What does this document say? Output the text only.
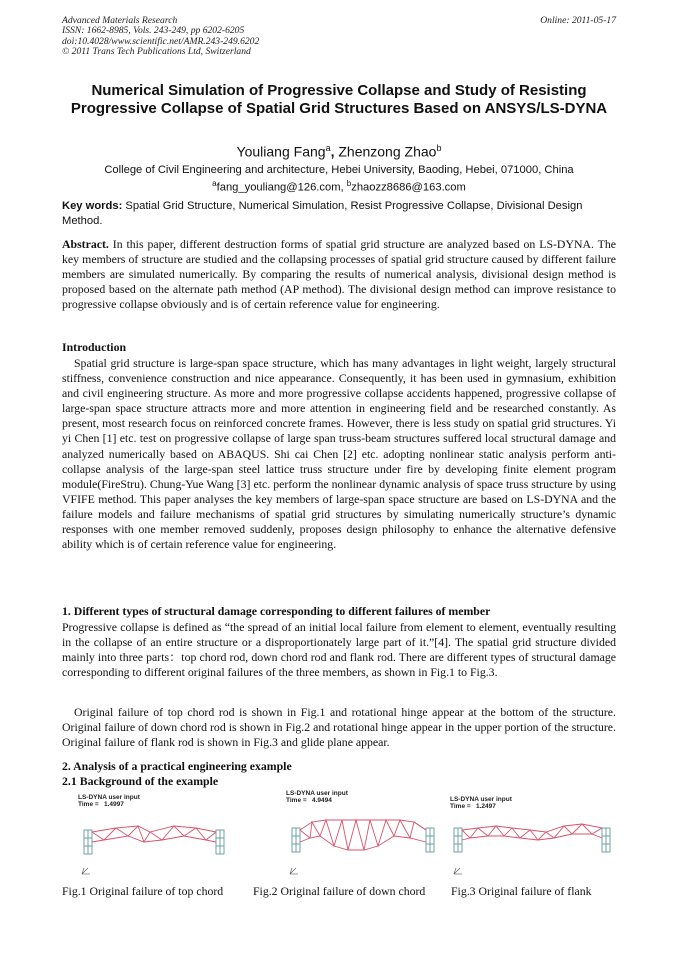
Advanced Materials Research
ISSN: 1662-8985, Vols. 243-249, pp 6202-6205
doi:10.4028/www.scientific.net/AMR.243-249.6202
© 2011 Trans Tech Publications Ltd, Switzerland
Online: 2011-05-17
Numerical Simulation of Progressive Collapse and Study of Resisting Progressive Collapse of Spatial Grid Structures Based on ANSYS/LS-DYNA
Youliang Fang$^a$, Zhenzong Zhao$^b$
College of Civil Engineering and architecture, Hebei University, Baoding, Hebei, 071000, China
$^a$fang_youliang@126.com, $^b$zhaozz8686@163.com
Key words: Spatial Grid Structure, Numerical Simulation, Resist Progressive Collapse, Divisional Design Method.
Abstract. In this paper, different destruction forms of spatial grid structure are analyzed based on LS-DYNA. The key members of structure are studied and the collapsing processes of spatial grid structure caused by different failure members are simulated numerically. By comparing the results of numerical analysis, divisional design method is proposed based on the alternate path method (AP method). The divisional design method can improve resistance to progressive collapse obviously and is of certain reference value for engineering.
Introduction
Spatial grid structure is large-span space structure, which has many advantages in light weight, largely structural stiffness, convenience construction and nice appearance. Consequently, it has been used in gymnasium, exhibition and civil engineering structure. As more and more progressive collapse accidents happened, progressive collapse of large-span space structure attracts more and more attention in engineering field and be researched constantly. As present, most research focus on reinforced concrete frames. However, there is less study on spatial grid structures. Yi yi Chen [1] etc. test on progressive collapse of large span truss-beam structures suffered local structural damage and analyzed numerically based on ABAQUS. Shi cai Chen [2] etc. adopting nonlinear static analysis perform anti-collapse analysis of the large-span steel lattice truss structure under fire by developing finite element program module(FireStru). Chung-Yue Wang [3] etc. perform the nonlinear dynamic analysis of space truss structure by using VFIFE method. This paper analyses the key members of large-span space structure are based on LS-DYNA and the failure models and failure mechanisms of spatial grid structures by simulating numerically structure’s dynamic responses with one member removed suddenly, proposes design philosophy to enhance the alternative defensive ability which is of certain reference value for engineering.
1. Different types of structural damage corresponding to different failures of member
Progressive collapse is defined as “the spread of an initial local failure from element to element, eventually resulting in the collapse of an entire structure or a disproportionately large part of it.”[4]. The spatial grid structure divided mainly into three parts：top chord rod, down chord rod and flank rod. There are different types of structural damage corresponding to different original failures of the three members, as shown in Fig.1 to Fig.3.
Original failure of top chord rod is shown in Fig.1 and rotational hinge appear at the bottom of the structure. Original failure of down chord rod is shown in Fig.2 and rotational hinge appear in the upper portion of the structure. Original failure of flank rod is shown in Fig.3 and glide plane appear.
2. Analysis of a practical engineering example
2.1 Background of the example
LS-DYNA user input
Time = 1.4997
Fig.1 Original failure of top chord
LS-DYNA user input
Time = 4.9494
Fig.2 Original failure of down chord
LS-DYNA user input
Time = 1.2497
Fig.3 Original failure of flank
